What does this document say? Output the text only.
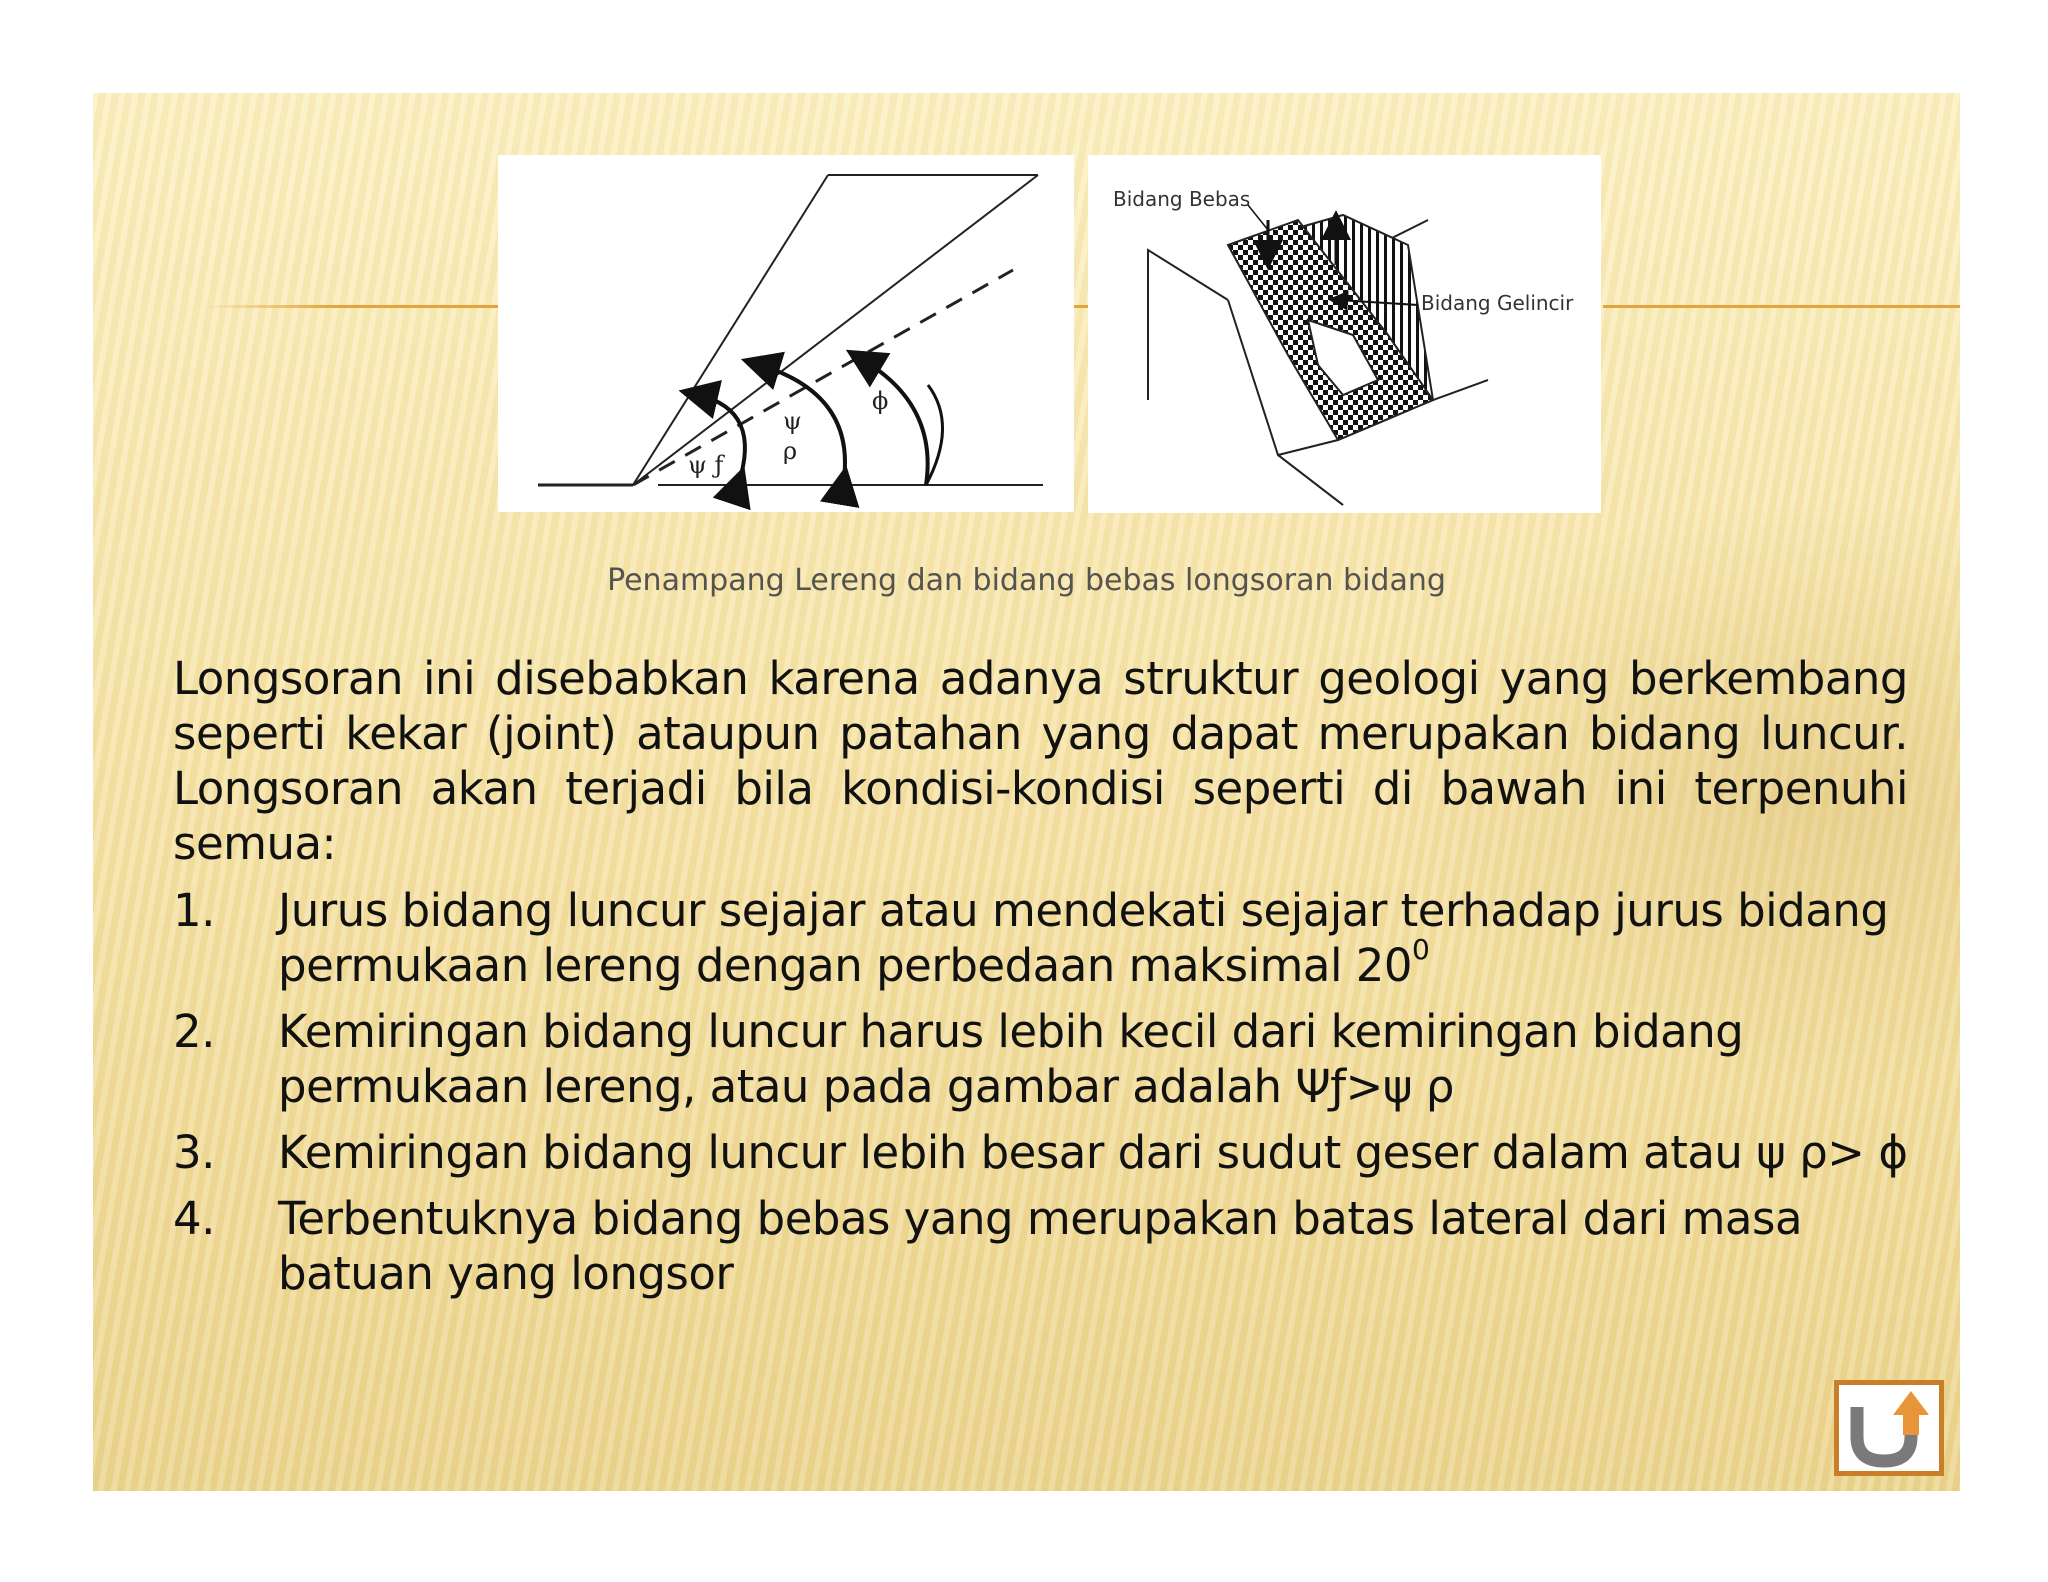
ψ
ρ
ϕ
ψ ƒ
Bidang Bebas
Bidang Gelincir
Penampang Lereng dan bidang bebas longsoran bidang

Longsoran ini disebabkan karena adanya struktur geologi yang berkembang seperti kekar (joint) ataupun patahan yang dapat merupakan bidang luncur. Longsoran akan terjadi bila kondisi-kondisi seperti di bawah ini terpenuhi semua:

1. Jurus bidang luncur sejajar atau mendekati sejajar terhadap jurus bidang permukaan lereng dengan perbedaan maksimal $20^0$
2. Kemiringan bidang luncur harus lebih kecil dari kemiringan bidang permukaan lereng, atau pada gambar adalah Ψƒ>ψ ρ
3. Kemiringan bidang luncur lebih besar dari sudut geser dalam atau ψ ρ> ϕ
4. Terbentuknya bidang bebas yang merupakan batas lateral dari masa batuan yang longsor
